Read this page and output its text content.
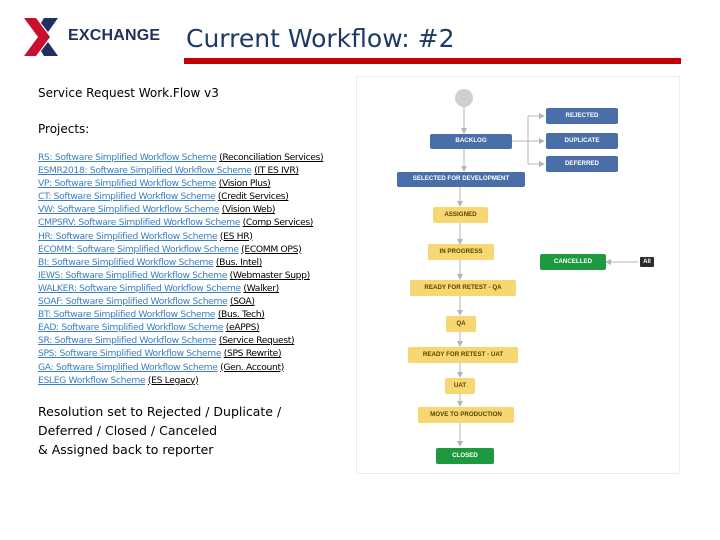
EXCHANGE Current Workflow: #2
Service Request Work.Flow v3
Projects:
RS: Software Simplified Workflow Scheme (Reconciliation Services)
ESMR2018: Software Simplified Workflow Scheme (IT ES IVR)
VP: Software Simplified Workflow Scheme (Vision Plus)
CT: Software Simplified Workflow Scheme (Credit Services)
VW: Software Simplified Workflow Scheme (Vision Web)
CMPSRV: Software Simplified Workflow Scheme (Comp Services)
HR: Software Simplified Workflow Scheme (ES HR)
ECOMM: Software Simplified Workflow Scheme (ECOMM OPS)
BI: Software Simplified Workflow Scheme (Bus. Intel)
IEWS: Software Simplified Workflow Scheme (Webmaster Supp)
WALKER: Software Simplified Workflow Scheme (Walker)
SOAF: Software Simplified Workflow Scheme (SOA)
BT: Software Simplified Workflow Scheme (Bus. Tech)
EAD: Software Simplified Workflow Scheme (eAPPS)
SR: Software Simplified Workflow Scheme (Service Request)
SPS: Software Simplified Workflow Scheme (SPS Rewrite)
GA: Software Simplified Workflow Scheme (Gen. Account)
ESLEG Workflow Scheme (ES Legacy)
Resolution set to Rejected / Duplicate /
Deferred / Closed / Canceled
& Assigned back to reporter
REJECTED
BACKLOG	DUPLICATE
DEFERRED
SELECTED FOR DEVELOPMENT
ASSIGNED
IN PROGRESS
CANCELLED	All
READY FOR RETEST - QA
QA
READY FOR RETEST - UAT
UAT
MOVE TO PRODUCTION
CLOSED
